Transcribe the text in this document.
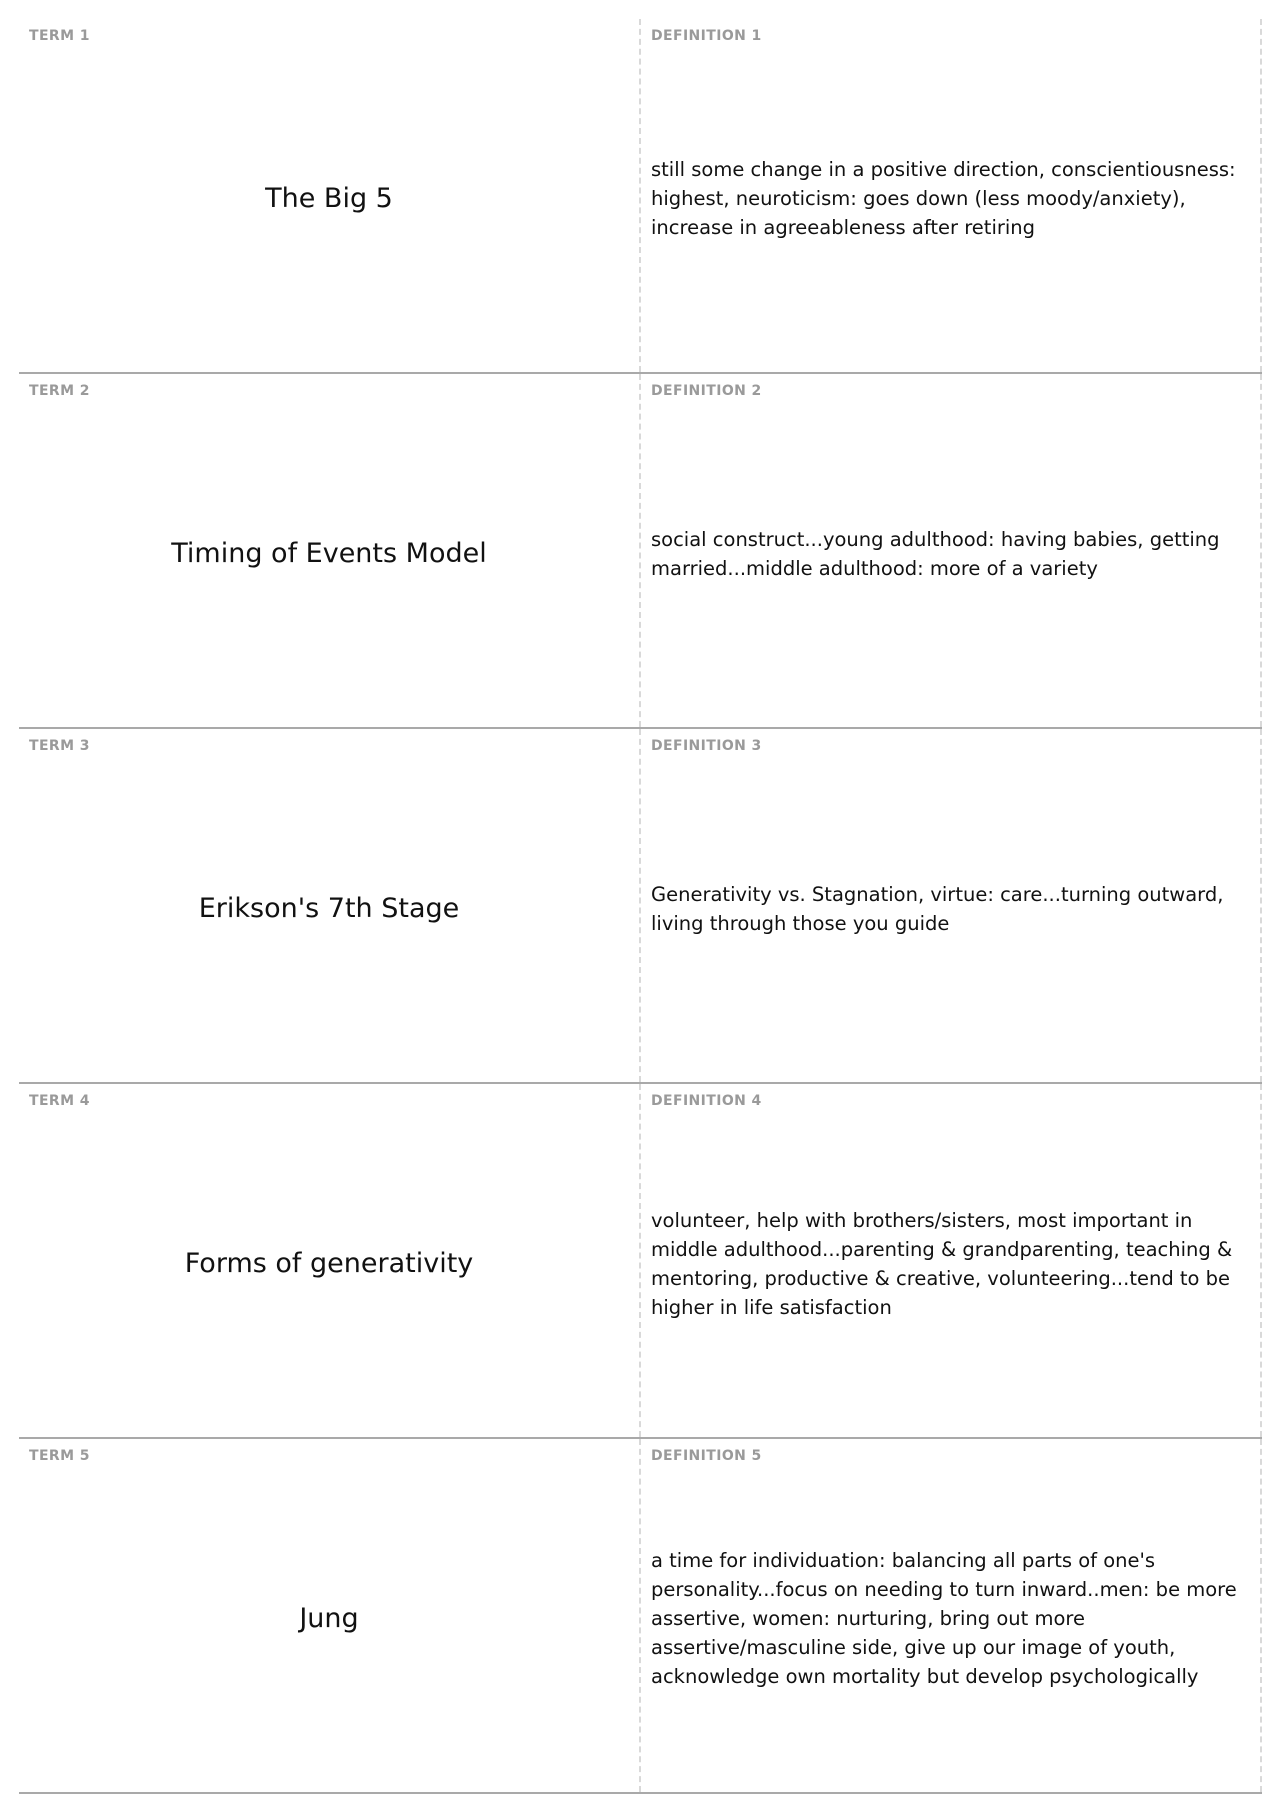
TERM 1
The Big 5
DEFINITION 1
still some change in a positive direction, conscientiousness: highest, neuroticism: goes down (less moody/anxiety), increase in agreeableness after retiring
TERM 2
Timing of Events Model
DEFINITION 2
social construct...young adulthood: having babies, getting married...middle adulthood: more of a variety
TERM 3
Erikson's 7th Stage
DEFINITION 3
Generativity vs. Stagnation, virtue: care...turning outward, living through those you guide
TERM 4
Forms of generativity
DEFINITION 4
volunteer, help with brothers/sisters, most important in middle adulthood...parenting & grandparenting, teaching & mentoring, productive & creative, volunteering...tend to be higher in life satisfaction
TERM 5
Jung
DEFINITION 5
a time for individuation: balancing all parts of one's personality...focus on needing to turn inward..men: be more assertive, women: nurturing, bring out more assertive/masculine side, give up our image of youth, acknowledge own mortality but develop psychologically
